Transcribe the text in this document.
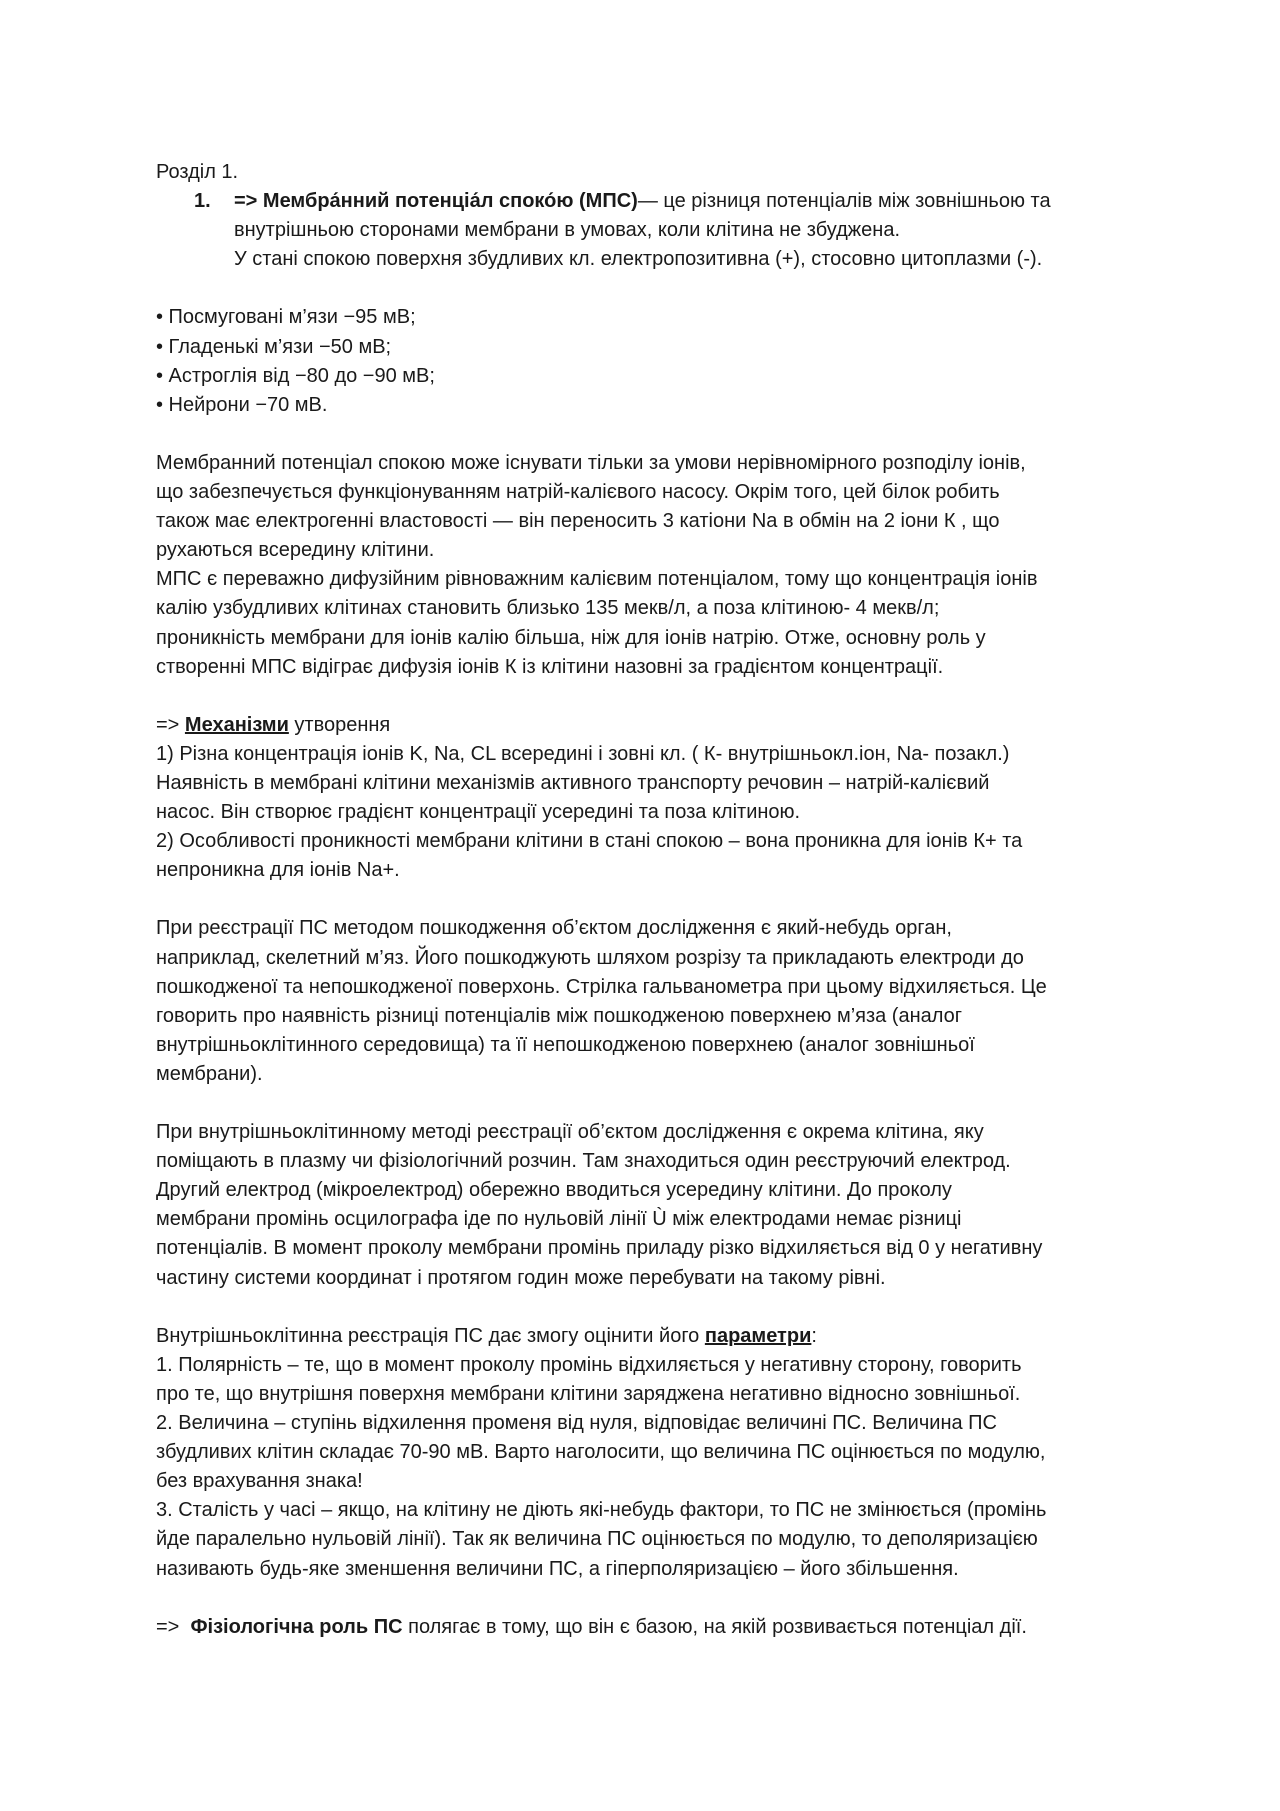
Розділ 1.
1. => Мембра́нний потенціа́л споко́ю (МПС)— це різниця потенціалів між зовнішньою та
внутрішньою сторонами мембрани в умовах, коли клітина не збуджена.
У стані спокою поверхня збудливих кл. електропозитивна (+), стосовно цитоплазми (-).
• Посмуговані м’язи −95 мВ;
• Гладенькі м’язи −50 мВ;
• Астроглія від −80 до −90 мВ;
• Нейрони −70 мВ.
Мембранний потенціал спокою може існувати тільки за умови нерівномірного розподілу іонів,
що забезпечується функціонуванням натрій-калієвого насосу. Окрім того, цей білок робить
також має електрогенні властовості — він переносить 3 катіони Na в обмін на 2 іони К , що
рухаються всередину клітини.
МПС є переважно дифузійним рівноважним калієвим потенціалом, тому що концентрація іонів
калію узбудливих клітинах становить близько 135 мекв/л, а поза клітиною- 4 мекв/л;
проникність мембрани для іонів калію більша, ніж для іонів натрію. Отже, основну роль у
створенні МПС відіграє дифузія іонів К із клітини назовні за градієнтом концентрації.
=> Механізми утворення
1) Різна концентрація іонів K, Na, CL всередині і зовні кл. ( К- внутрішньокл.іон, Na- позакл.)
Наявність в мембрані клітини механізмів активного транспорту речовин – натрій-калієвий
насос. Він створює градієнт концентрації усередині та поза клітиною.
2) Особливості проникності мембрани клітини в стані спокою – вона проникна для іонів К+ та
непроникна для іонів Na+.
При реєстрації ПС методом пошкодження об’єктом дослідження є який-небудь орган,
наприклад, скелетний м’яз. Його пошкоджують шляхом розрізу та прикладають електроди до
пошкодженої та непошкодженої поверхонь. Стрілка гальванометра при цьому відхиляється. Це
говорить про наявність різниці потенціалів між пошкодженою поверхнею м’яза (аналог
внутрішньоклітинного середовища) та її непошкодженою поверхнею (аналог зовнішньої
мембрани).
При внутрішньоклітинному методі реєстрації об’єктом дослідження є окрема клітина, яку
поміщають в плазму чи фізіологічний розчин. Там знаходиться один реєструючий електрод.
Другий електрод (мікроелектрод) обережно вводиться усередину клітини. До проколу
мембрани промінь осцилографа іде по нульовій лінії Ù між електродами немає різниці
потенціалів. В момент проколу мембрани промінь приладу різко відхиляється від 0 у негативну
частину системи координат і протягом годин може перебувати на такому рівні.
Внутрішньоклітинна реєстрація ПС дає змогу оцінити його параметри:
1. Полярність – те, що в момент проколу промінь відхиляється у негативну сторону, говорить
про те, що внутрішня поверхня мембрани клітини заряджена негативно відносно зовнішньої.
2. Величина – ступінь відхилення променя від нуля, відповідає величині ПС. Величина ПС
збудливих клітин складає 70-90 мВ. Варто наголосити, що величина ПС оцінюється по модулю,
без врахування знака!
3. Сталість у часі – якщо, на клітину не діють які-небудь фактори, то ПС не змінюється (промінь
йде паралельно нульовій лінії). Так як величина ПС оцінюється по модулю, то деполяризацією
називають будь-яке зменшення величини ПС, а гіперполяризацією – його збільшення.
=>  Фізіологічна роль ПС полягає в тому, що він є базою, на якій розвивається потенціал дії.
